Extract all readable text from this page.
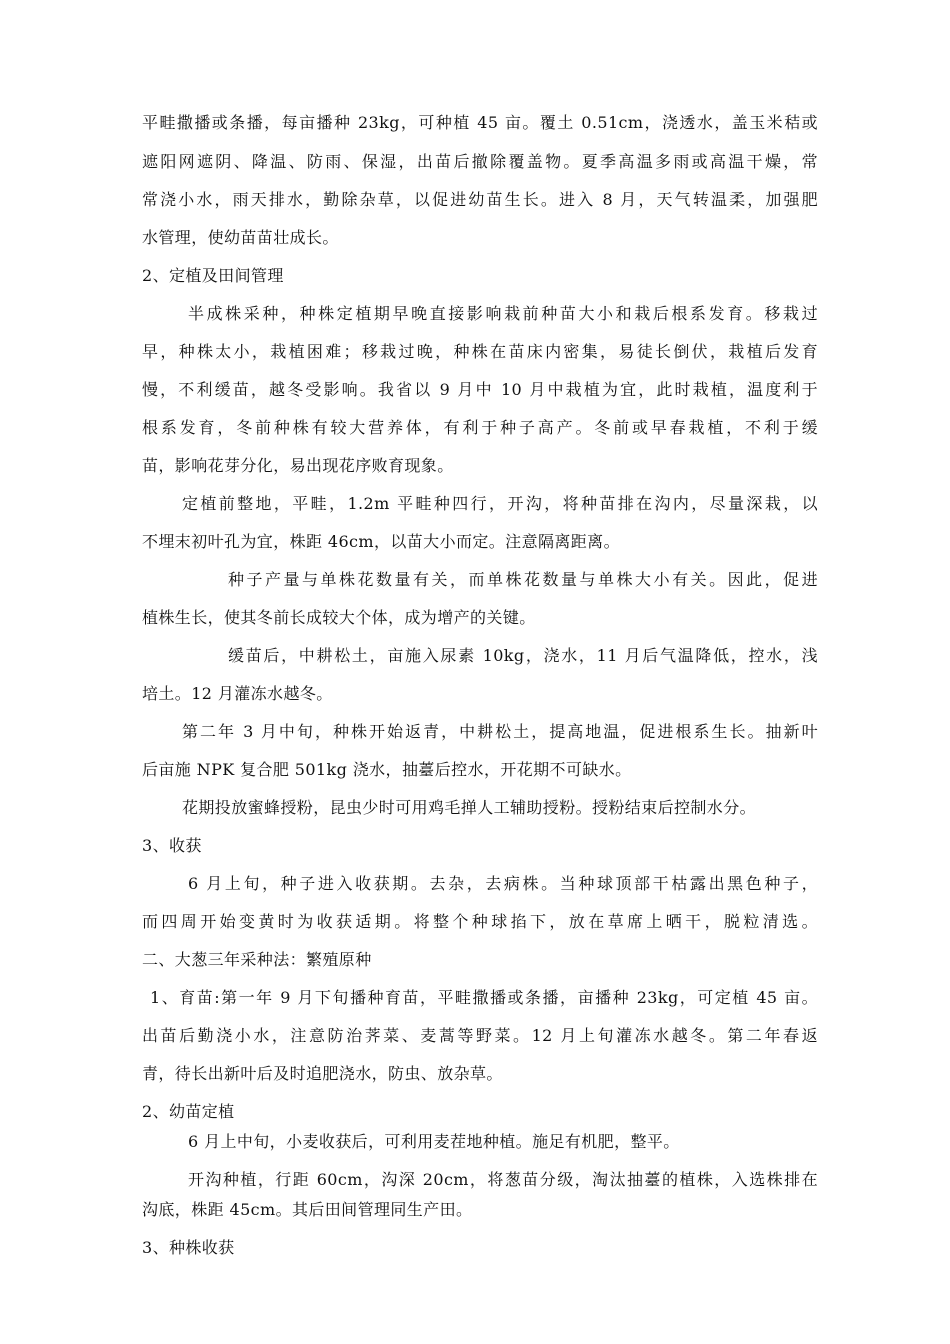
平畦撒播或条播，每亩播种 23kg，可种植 45 亩。覆土 0.51cm，浇透水，盖玉米秸或
遮阳网遮阴、降温、防雨、保湿，出苗后撤除覆盖物。夏季高温多雨或高温干燥，常
常浇小水，雨天排水，勤除杂草，以促进幼苗生长。进入 8 月，天气转温柔，加强肥
水管理，使幼苗苗壮成长。
2、定植及田间管理
半成株采种，种株定植期早晚直接影响栽前种苗大小和栽后根系发育。移栽过
早，种株太小，栽植困难；移栽过晚，种株在苗床内密集，易徒长倒伏，栽植后发育
慢，不利缓苗，越冬受影响。我省以 9 月中 10 月中栽植为宜，此时栽植，温度利于
根系发育，冬前种株有较大营养体，有利于种子高产。冬前或早春栽植，不利于缓
苗，影响花芽分化，易出现花序败育现象。
定植前整地，平畦，1.2m 平畦种四行，开沟，将种苗排在沟内，尽量深栽，以
不埋末初叶孔为宜，株距 46cm，以苗大小而定。注意隔离距离。
种子产量与单株花数量有关，而单株花数量与单株大小有关。因此，促进
植株生长，使其冬前长成较大个体，成为增产的关键。
缓苗后，中耕松土，亩施入尿素 10kg，浇水，11 月后气温降低，控水，浅
培土。12 月灌冻水越冬。
第二年 3 月中旬，种株开始返青，中耕松土，提高地温，促进根系生长。抽新叶
后亩施 NPK 复合肥 501kg 浇水，抽薹后控水，开花期不可缺水。
花期投放蜜蜂授粉，昆虫少时可用鸡毛掸人工辅助授粉。授粉结束后控制水分。
3、收获
6 月上旬，种子进入收获期。去杂，去病株。当种球顶部干枯露出黑色种子，
而四周开始变黄时为收获适期。将整个种球掐下，放在草席上晒干，脱粒清选。
二、大葱三年采种法：繁殖原种
1、育苗:第一年 9 月下旬播种育苗，平畦撒播或条播，亩播种 23kg，可定植 45 亩。
出苗后勤浇小水，注意防治荠菜、麦蒿等野菜。12 月上旬灌冻水越冬。第二年春返
青，待长出新叶后及时追肥浇水，防虫、放杂草。
2、幼苗定植
6 月上中旬，小麦收获后，可利用麦茬地种植。施足有机肥，整平。
开沟种植，行距 60cm，沟深 20cm，将葱苗分级，淘汰抽薹的植株，入选株排在
沟底，株距 45cm。其后田间管理同生产田。
3、种株收获
